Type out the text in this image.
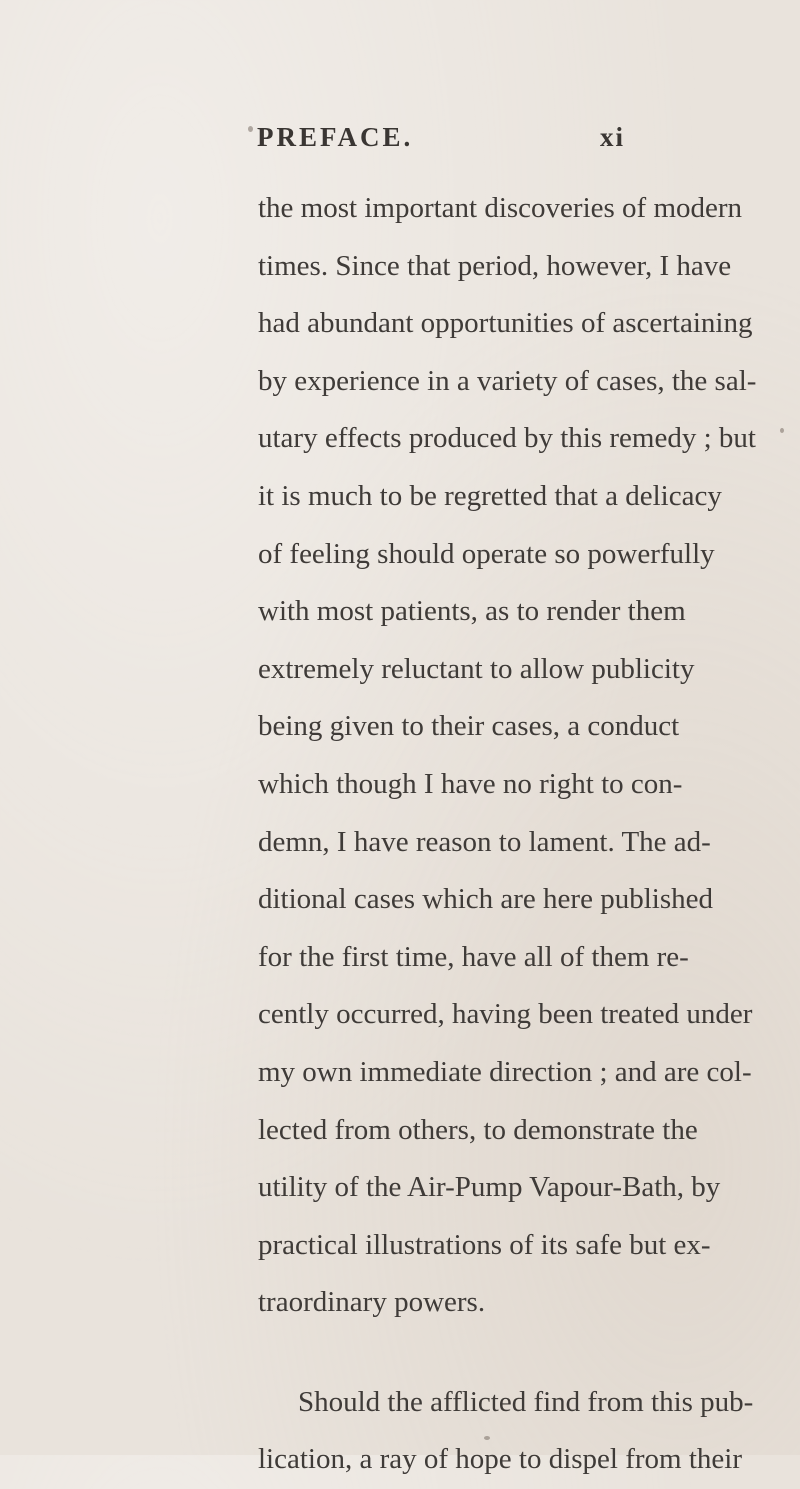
PREFACE.	xi
the most important discoveries of modern
times. Since that period, however, I have
had abundant opportunities of ascertaining
by experience in a variety of cases, the sal-
utary effects produced by this remedy ; but
it is much to be regretted that a delicacy
of feeling should operate so powerfully
with most patients, as to render them
extremely reluctant to allow publicity
being given to their cases, a conduct
which though I have no right to con-
demn, I have reason to lament. The ad-
ditional cases which are here published
for the first time, have all of them re-
cently occurred, having been treated under
my own immediate direction ; and are col-
lected from others, to demonstrate the
utility of the Air-Pump Vapour-Bath, by
practical illustrations of its safe but ex-
traordinary powers.
Should the afflicted find from this pub-
lication, a ray of hope to dispel from their
